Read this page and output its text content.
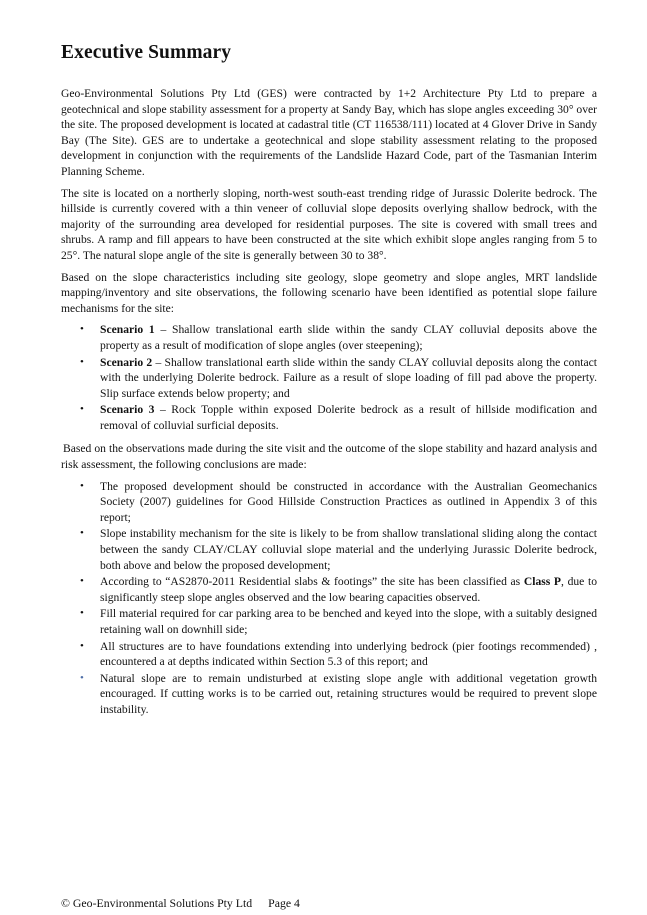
Executive Summary

Geo-Environmental Solutions Pty Ltd (GES) were contracted by 1+2 Architecture Pty Ltd to prepare a geotechnical and slope stability assessment for a property at Sandy Bay, which has slope angles exceeding 30° over the site. The proposed development is located at cadastral title (CT 116538/111) located at 4 Glover Drive in Sandy Bay (The Site). GES are to undertake a geotechnical and slope stability assessment relating to the proposed development in conjunction with the requirements of the Landslide Hazard Code, part of the Tasmanian Interim Planning Scheme.

The site is located on a northerly sloping, north-west south-east trending ridge of Jurassic Dolerite bedrock. The hillside is currently covered with a thin veneer of colluvial slope deposits overlying shallow bedrock, with the majority of the surrounding area developed for residential purposes. The site is covered with small trees and shrubs. A ramp and fill appears to have been constructed at the site which exhibit slope angles ranging from 5 to 25°. The natural slope angle of the site is generally between 30 to 38°.

Based on the slope characteristics including site geology, slope geometry and slope angles, MRT landslide mapping/inventory and site observations, the following scenario have been identified as potential slope failure mechanisms for the site:

•	Scenario 1 – Shallow translational earth slide within the sandy CLAY colluvial deposits above the property as a result of modification of slope angles (over steepening);
•	Scenario 2 – Shallow translational earth slide within the sandy CLAY colluvial deposits along the contact with the underlying Dolerite bedrock. Failure as a result of slope loading of fill pad above the property. Slip surface extends below property; and
•	Scenario 3 – Rock Topple within exposed Dolerite bedrock as a result of hillside modification and removal of colluvial surficial deposits.

Based on the observations made during the site visit and the outcome of the slope stability and hazard analysis and risk assessment, the following conclusions are made:

•	The proposed development should be constructed in accordance with the Australian Geomechanics Society (2007) guidelines for Good Hillside Construction Practices as outlined in Appendix 3 of this report;
•	Slope instability mechanism for the site is likely to be from shallow translational sliding along the contact between the sandy CLAY/CLAY colluvial slope material and the underlying Jurassic Dolerite bedrock, both above and below the proposed development;
•	According to “AS2870-2011 Residential slabs & footings” the site has been classified as Class P, due to significantly steep slope angles observed and the low bearing capacities observed.
•	Fill material required for car parking area to be benched and keyed into the slope, with a suitably designed retaining wall on downhill side;
•	All structures are to have foundations extending into underlying bedrock (pier footings recommended) , encountered a at depths indicated within Section 5.3 of this report; and
•	Natural slope are to remain undisturbed at existing slope angle with additional vegetation growth encouraged. If cutting works is to be carried out, retaining structures would be required to prevent slope instability.
© Geo-Environmental Solutions Pty Ltd Page 4
